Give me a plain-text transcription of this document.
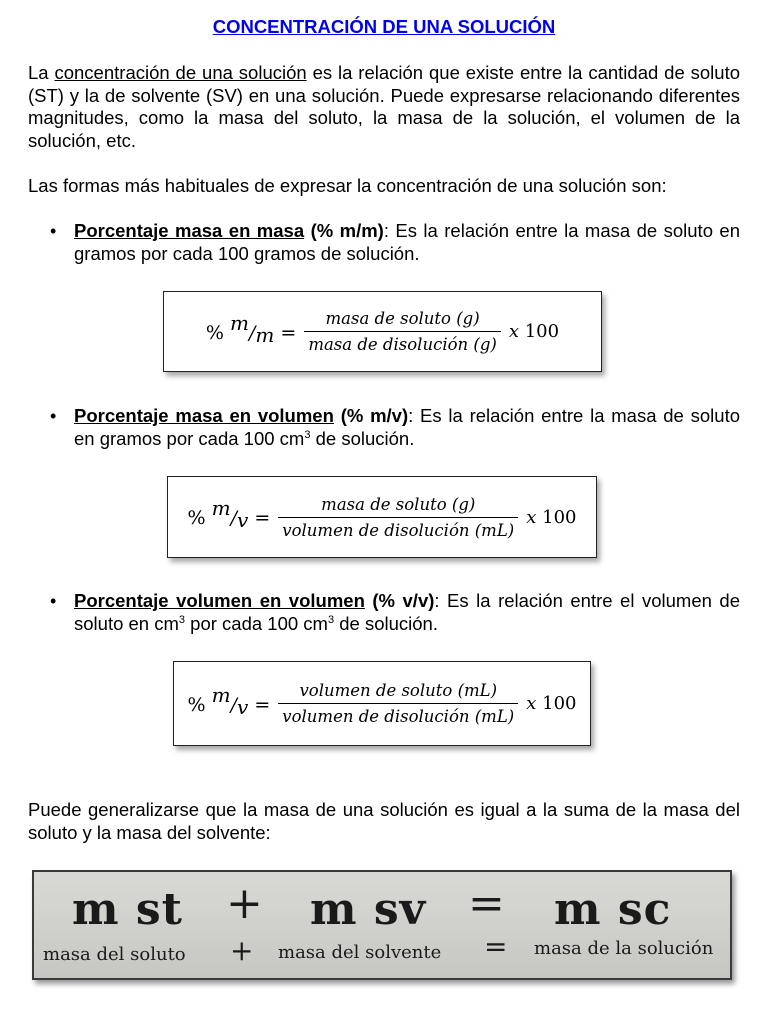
CONCENTRACIÓN DE UNA SOLUCIÓN
La concentración de una solución es la relación que existe entre la cantidad de soluto (ST) y la de solvente (SV) en una solución. Puede expresarse relacionando diferentes magnitudes, como la masa del soluto, la masa de la solución, el volumen de la solución, etc.
Las formas más habituales de expresar la concentración de una solución son:
• Porcentaje masa en masa (% m/m): Es la relación entre la masa de soluto en gramos por cada 100 gramos de solución.
% $m/m = \frac{\text{masa de soluto (g)}}{\text{masa de disolución (g)}}$ x 100
• Porcentaje masa en volumen (% m/v): Es la relación entre la masa de soluto en gramos por cada 100 $cm^3$ de solución.
% $m/v = \frac{\text{masa de soluto (g)}}{\text{volumen de disolución (mL)}}$ x 100
• Porcentaje volumen en volumen (% v/v): Es la relación entre el volumen de soluto en $cm^3$ por cada 100 $cm^3$ de solución.
% $m/v = \frac{\text{volumen de soluto (mL)}}{\text{volumen de disolución (mL)}}$ x 100
Puede generalizarse que la masa de una solución es igual a la suma de la masa del soluto y la masa del solvente:
m st + m sv = m sc
masa del soluto + masa del solvente = masa de la solución
